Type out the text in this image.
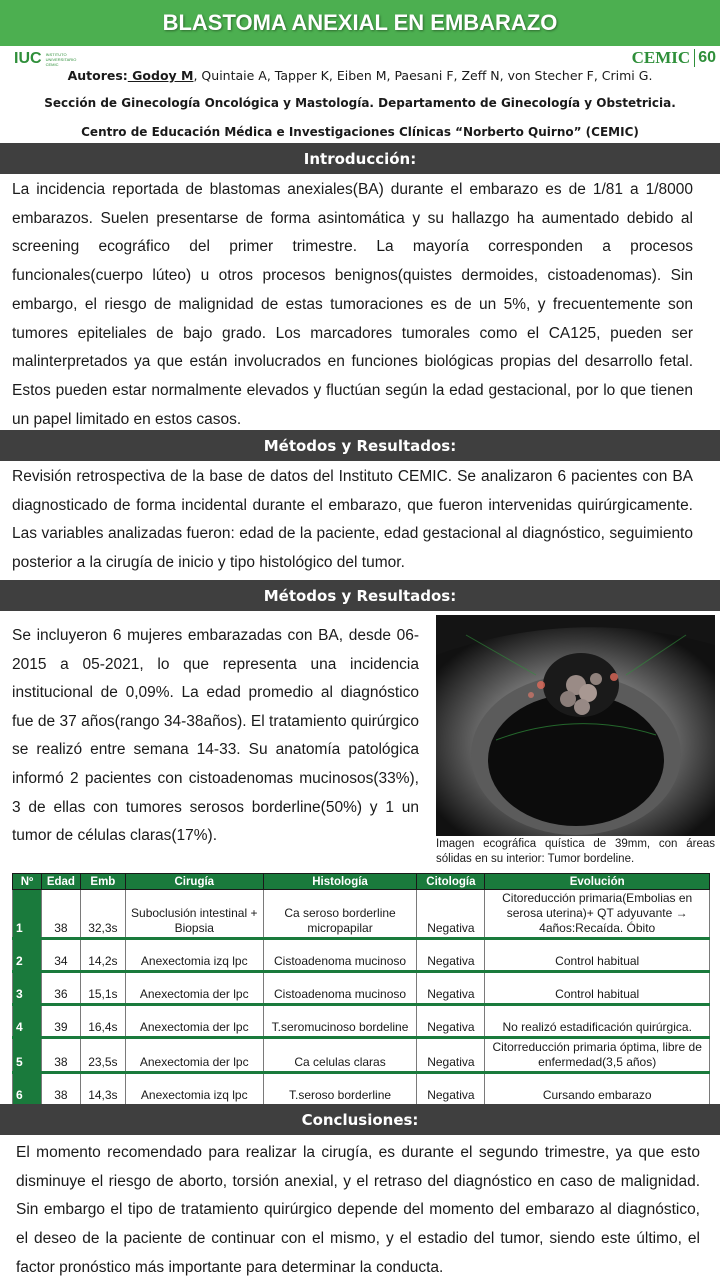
BLASTOMA ANEXIAL EN EMBARAZO
IUC INSTITUTO UNIVERSITARIO CEMIC	CEMIC 60
Autores: Godoy M, Quintaie A, Tapper K, Eiben M, Paesani F, Zeff N, von Stecher F, Crimi G.
Sección de Ginecología Oncológica y Mastología. Departamento de Ginecología y Obstetricia.
Centro de Educación Médica e Investigaciones Clínicas “Norberto Quirno” (CEMIC)
Introducción:
La incidencia reportada de blastomas anexiales(BA) durante el embarazo es de 1/81 a 1/8000 embarazos. Suelen presentarse de forma asintomática y su hallazgo ha aumentado debido al screening ecográfico del primer trimestre. La mayoría corresponden a procesos funcionales(cuerpo lúteo) u otros procesos benignos(quistes dermoides, cistoadenomas). Sin embargo, el riesgo de malignidad de estas tumoraciones es de un 5%, y frecuentemente son tumores epiteliales de bajo grado. Los marcadores tumorales como el CA125, pueden ser malinterpretados ya que están involucrados en funciones biológicas propias del desarrollo fetal. Estos pueden estar normalmente elevados y fluctúan según la edad gestacional, por lo que tienen un papel limitado en estos casos.
Métodos y Resultados:
Revisión retrospectiva de la base de datos del Instituto CEMIC. Se analizaron 6 pacientes con BA diagnosticado de forma incidental durante el embarazo, que fueron intervenidas quirúrgicamente. Las variables analizadas fueron: edad de la paciente, edad gestacional al diagnóstico, seguimiento posterior a la cirugía de inicio y tipo histológico del tumor.
Métodos y Resultados:
Se incluyeron 6 mujeres embarazadas con BA, desde 06-2015 a 05-2021, lo que representa una incidencia institucional de 0,09%. La edad promedio al diagnóstico fue de 37 años(rango 34-38años). El tratamiento quirúrgico se realizó entre semana 14-33. Su anatomía patológica informó 2 pacientes con cistoadenomas mucinosos(33%), 3 de ellas con tumores serosos borderline(50%) y 1 un tumor de células claras(17%).	Imagen ecográfica quística de 39mm, con áreas sólidas en su interior: Tumor bordeline.
Nº	Edad	Emb	Cirugía	Histología	Citología	Evolución
1	38	32,3s	Suboclusión intestinal + Biopsia	Ca seroso borderline micropapilar	Negativa	Citoreducción primaria(Embolias en serosa uterina)+ QT adyuvante → 4años:Recaída. Óbito
2	34	14,2s	Anexectomia izq lpc	Cistoadenoma mucinoso	Negativa	Control habitual
3	36	15,1s	Anexectomia der lpc	Cistoadenoma mucinoso	Negativa	Control habitual
4	39	16,4s	Anexectomia der lpc	T.seromucinoso bordeline	Negativa	No realizó estadificación quirúrgica.
5	38	23,5s	Anexectomia der lpc	Ca celulas claras	Negativa	Citorreducción primaria óptima, libre de enfermedad(3,5 años)
6	38	14,3s	Anexectomia izq lpc	T.seroso borderline	Negativa	Cursando embarazo
Conclusiones:
El momento recomendado para realizar la cirugía, es durante el segundo trimestre, ya que esto disminuye el riesgo de aborto, torsión anexial, y el retraso del diagnóstico en caso de malignidad. Sin embargo el tipo de tratamiento quirúrgico depende del momento del embarazo al diagnóstico, el deseo de la paciente de continuar con el mismo, y el estadio del tumor, siendo este último, el factor pronóstico más importante para determinar la conducta.
